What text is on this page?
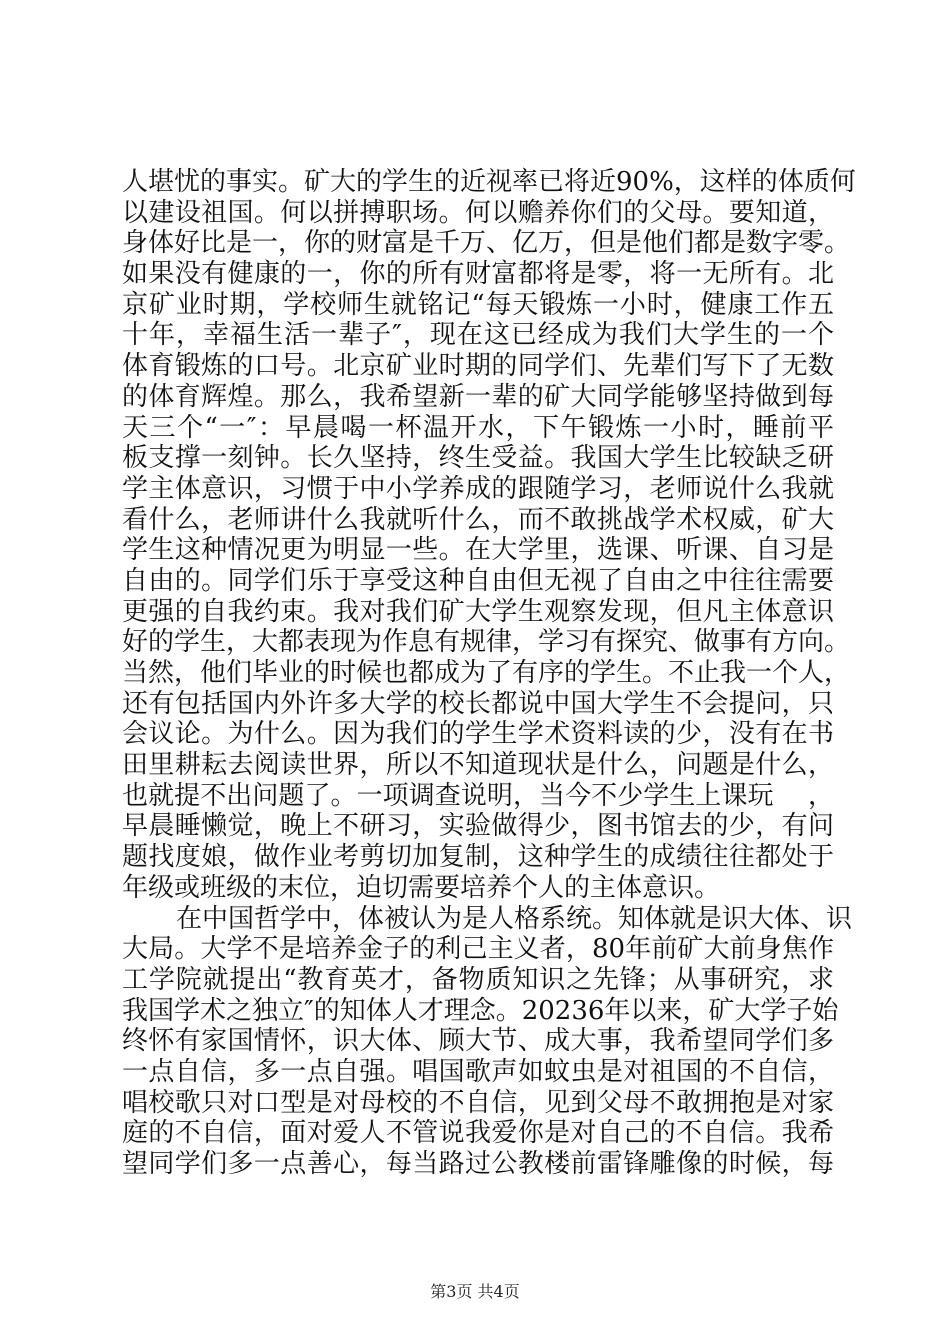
人堪忧的事实。矿大的学生的近视率已将近90%，这样的体质何
以建设祖国。何以拼搏职场。何以赡养你们的父母。要知道，
身体好比是一，你的财富是千万、亿万，但是他们都是数字零。
如果没有健康的一，你的所有财富都将是零，将一无所有。北
京矿业时期，学校师生就铭记“每天锻炼一小时，健康工作五
十年，幸福生活一辈子″，现在这已经成为我们大学生的一个
体育锻炼的口号。北京矿业时期的同学们、先辈们写下了无数
的体育辉煌。那么，我希望新一辈的矿大同学能够坚持做到每
天三个“一″：早晨喝一杯温开水，下午锻炼一小时，睡前平
板支撑一刻钟。长久坚持，终生受益。我国大学生比较缺乏研
学主体意识，习惯于中小学养成的跟随学习，老师说什么我就
看什么，老师讲什么我就听什么，而不敢挑战学术权威，矿大
学生这种情况更为明显一些。在大学里，选课、听课、自习是
自由的。同学们乐于享受这种自由但无视了自由之中往往需要
更强的自我约束。我对我们矿大学生观察发现，但凡主体意识
好的学生，大都表现为作息有规律，学习有探究、做事有方向。
当然，他们毕业的时候也都成为了有序的学生。不止我一个人，
还有包括国内外许多大学的校长都说中国大学生不会提问，只
会议论。为什么。因为我们的学生学术资料读的少，没有在书
田里耕耘去阅读世界，所以不知道现状是什么，问题是什么，
也就提不出问题了。一项调查说明，当今不少学生上课玩　 ，
早晨睡懒觉，晚上不研习，实验做得少，图书馆去的少，有问
题找度娘，做作业考剪切加复制，这种学生的成绩往往都处于
年级或班级的末位，迫切需要培养个人的主体意识。
在中国哲学中，体被认为是人格系统。知体就是识大体、识
大局。大学不是培养金子的利己主义者，80年前矿大前身焦作
工学院就提出“教育英才，备物质知识之先锋；从事研究，求
我国学术之独立″的知体人才理念。20236年以来，矿大学子始
终怀有家国情怀，识大体、顾大节、成大事，我希望同学们多
一点自信，多一点自强。唱国歌声如蚊虫是对祖国的不自信，
唱校歌只对口型是对母校的不自信，见到父母不敢拥抱是对家
庭的不自信，面对爱人不管说我爱你是对自己的不自信。我希
望同学们多一点善心，每当路过公教楼前雷锋雕像的时候，每
第3页 共4页
